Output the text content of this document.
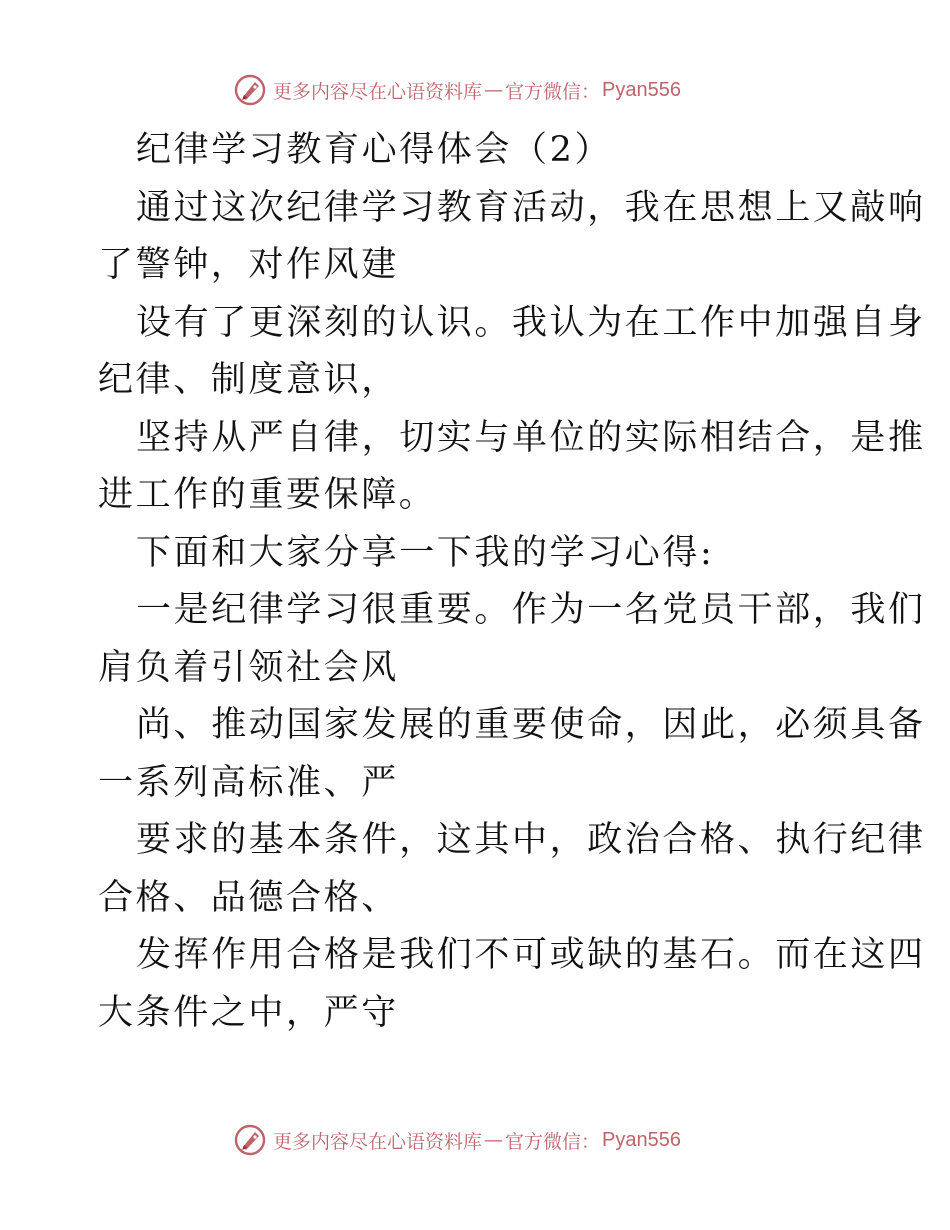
更多内容尽在心语资料库 — 官方微信： Pyan556
纪律学习教育心得体会（2）
通过这次纪律学习教育活动，我在思想上又敲响
了警钟，对作风建
设有了更深刻的认识。我认为在工作中加强自身
纪律、制度意识，
坚持从严自律，切实与单位的实际相结合，是推
进工作的重要保障。
下面和大家分享一下我的学习心得:
一是纪律学习很重要。作为一名党员干部，我们
肩负着引领社会风
尚、推动国家发展的重要使命，因此，必须具备
一系列高标准、严
要求的基本条件，这其中，政治合格、执行纪律
合格、品德合格、
发挥作用合格是我们不可或缺的基石。而在这四
大条件之中，严守
更多内容尽在心语资料库 — 官方微信： Pyan556
